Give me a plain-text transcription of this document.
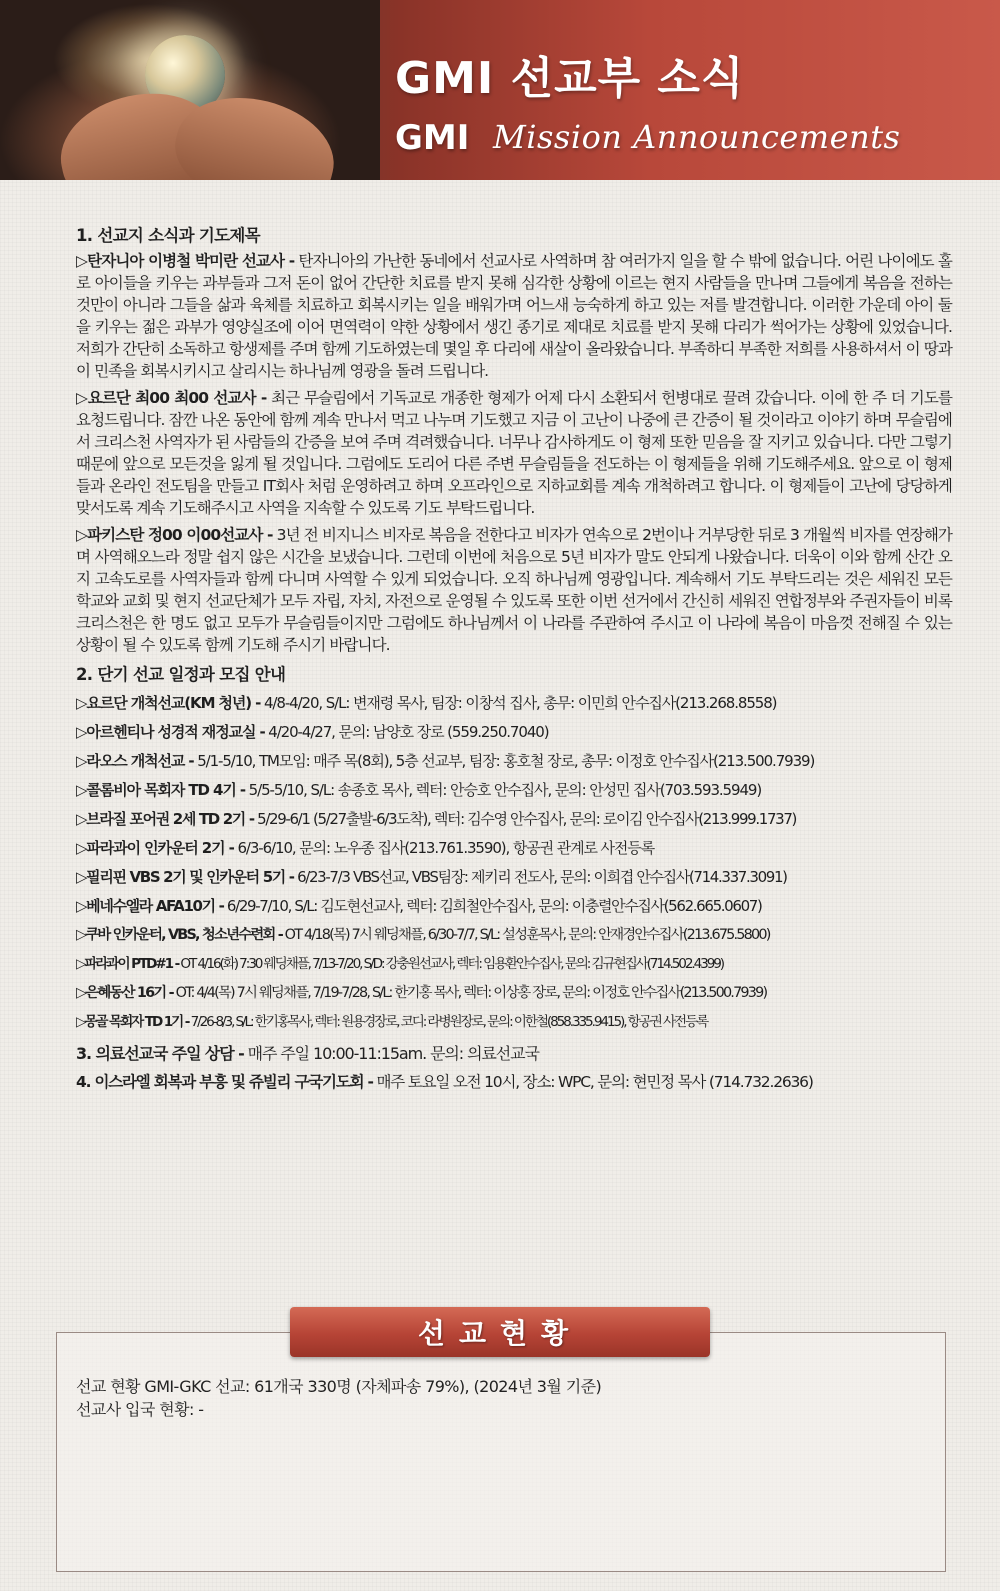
GMI 선교부 소식
GMI Mission Announcements

1. 선교지 소식과 기도제목

▷탄자니아 이병철 박미란 선교사 - 탄자니아의 가난한 동네에서 선교사로 사역하며 참 여러가지 일을 할 수 밖에 없습니다. 어린 나이에도 홀로 아이들을 키우는 과부들과 그저 돈이 없어 간단한 치료를 받지 못해 심각한 상황에 이르는 현지 사람들을 만나며 그들에게 복음을 전하는 것만이 아니라 그들을 삶과 육체를 치료하고 회복시키는 일을 배워가며 어느새 능숙하게 하고 있는 저를 발견합니다. 이러한 가운데 아이 둘을 키우는 젊은 과부가 영양실조에 이어 면역력이 약한 상황에서 생긴 종기로 제대로 치료를 받지 못해 다리가 썩어가는 상황에 있었습니다. 저희가 간단히 소독하고 항생제를 주며 함께 기도하였는데 몇일 후 다리에 새살이 올라왔습니다. 부족하디 부족한 저희를 사용하셔서 이 땅과 이 민족을 회복시키시고 살리시는 하나님께 영광을 돌려 드립니다.

▷요르단 최00 최00 선교사 - 최근 무슬림에서 기독교로 개종한 형제가 어제 다시 소환되서 헌병대로 끌려 갔습니다. 이에 한 주 더 기도를 요청드립니다. 잠깐 나온 동안에 함께 계속 만나서 먹고 나누며 기도했고 지금 이 고난이 나중에 큰 간증이 될 것이라고 이야기 하며 무슬림에서 크리스천 사역자가 된 사람들의 간증을 보여 주며 격려했습니다. 너무나 감사하게도 이 형제 또한 믿음을 잘 지키고 있습니다. 다만 그렇기 때문에 앞으로 모든것을 잃게 될 것입니다. 그럼에도 도리어 다른 주변 무슬림들을 전도하는 이 형제들을 위해 기도해주세요. 앞으로 이 형제들과 온라인 전도팀을 만들고 IT회사 처럼 운영하려고 하며 오프라인으로 지하교회를 계속 개척하려고 합니다. 이 형제들이 고난에 당당하게 맞서도록 계속 기도해주시고 사역을 지속할 수 있도록 기도 부탁드립니다.

▷파키스탄 정00 이00선교사 - 3년 전 비지니스 비자로 복음을 전한다고 비자가 연속으로 2번이나 거부당한 뒤로 3 개월씩 비자를 연장해가며 사역해오느라 정말 쉽지 않은 시간을 보냈습니다. 그런데 이번에 처음으로 5년 비자가 말도 안되게 나왔습니다. 더욱이 이와 함께 산간 오지 고속도로를 사역자들과 함께 다니며 사역할 수 있게 되었습니다. 오직 하나님께 영광입니다. 계속해서 기도 부탁드리는 것은 세워진 모든 학교와 교회 및 현지 선교단체가 모두 자립, 자치, 자전으로 운영될 수 있도록 또한 이번 선거에서 간신히 세워진 연합정부와 주권자들이 비록 크리스천은 한 명도 없고 모두가 무슬림들이지만 그럼에도 하나님께서 이 나라를 주관하여 주시고 이 나라에 복음이 마음껏 전해질 수 있는 상황이 될 수 있도록 함께 기도해 주시기 바랍니다.

2. 단기 선교 일정과 모집 안내

▷요르단 개척선교(KM 청년) - 4/8-4/20, S/L: 변재령 목사, 팀장: 이창석 집사, 총무: 이민희 안수집사(213.268.8558)

▷아르헨티나 성경적 재정교실 - 4/20-4/27, 문의: 남양호 장로 (559.250.7040)

▷라오스 개척선교 - 5/1-5/10, TM모임: 매주 목(8회), 5층 선교부, 팀장: 홍호철 장로, 총무: 이정호 안수집사(213.500.7939)

▷콜롬비아 목회자 TD 4기 - 5/5-5/10, S/L: 송종호 목사, 렉터: 안승호 안수집사, 문의: 안성민 집사(703.593.5949)

▷브라질 포어권 2세 TD 2기 - 5/29-6/1 (5/27출발-6/3도착), 렉터: 김수영 안수집사, 문의: 로이김 안수집사(213.999.1737)

▷파라과이 인카운터 2기 - 6/3-6/10, 문의: 노우종 집사(213.761.3590), 항공권 관계로 사전등록

▷필리핀 VBS 2기 및 인카운터 5기 - 6/23-7/3 VBS선교, VBS팀장: 제키리 전도사, 문의: 이희겹 안수집사(714.337.3091)

▷베네수엘라 AFA10기 - 6/29-7/10, S/L: 김도현선교사, 렉터: 김희철안수집사, 문의: 이충렬안수집사(562.665.0607)

▷쿠바 인카운터, VBS, 청소년수련회 - OT 4/18(목) 7시 웨딩채플, 6/30-7/7, S/L: 설성훈목사, 문의: 안재경안수집사(213.675.5800)

▷파라과이 PTD#1 - OT 4/16(화) 7:30 웨딩채플, 7/13-7/20, S/D: 강충원선교사, 렉터: 임용환안수집사, 문의: 김규현집사(714.502.4399)

▷은혜동산 16기 - OT: 4/4(목) 7시 웨딩채플, 7/19-7/28, S/L: 한기홍 목사, 렉터: 이상홍 장로, 문의: 이정호 안수집사(213.500.7939)

▷몽골 목회자 TD 1기 - 7/26-8/3, S/L: 한기홍목사, 렉터: 원용경장로, 코디: 라병원장로, 문의: 이한철(858.335.9415), 항공권 사전등록

3. 의료선교국 주일 상담 - 매주 주일 10:00-11:15am. 문의: 의료선교국

4. 이스라엘 회복과 부흥 및 쥬빌리 구국기도회 - 매주 토요일 오전 10시, 장소: WPC, 문의: 현민정 목사 (714.732.2636)

선교현황

선교 현황 GMI-GKC 선교: 61개국 330명 (자체파송 79%), (2024년 3월 기준)

선교사 입국 현황: -
